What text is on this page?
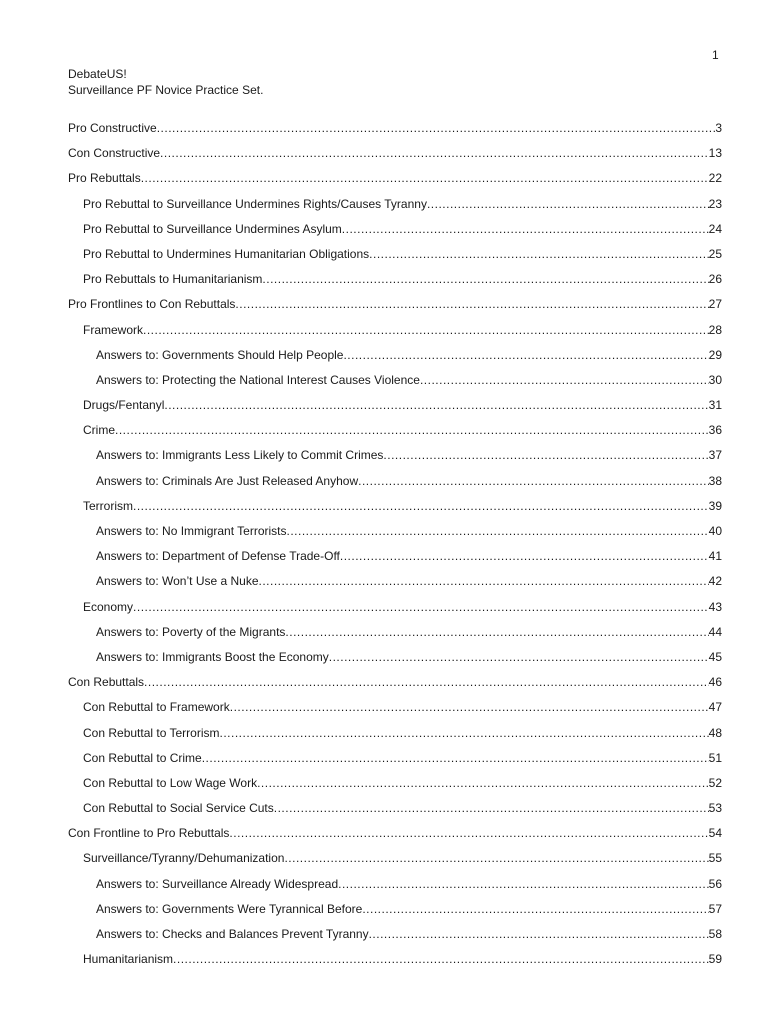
1
DebateUS!
Surveillance PF Novice Practice Set.
Pro Constructive .....	3
Con Constructive .....	13
Pro Rebuttals .....	22
Pro Rebuttal to Surveillance Undermines Rights/Causes Tyranny .....	23
Pro Rebuttal to Surveillance Undermines Asylum .....	24
Pro Rebuttal to Undermines Humanitarian Obligations .....	25
Pro Rebuttals to Humanitarianism .....	26
Pro Frontlines to Con Rebuttals .....	27
Framework .....	28
Answers to: Governments Should Help People .....	29
Answers to: Protecting the National Interest Causes Violence .....	30
Drugs/Fentanyl .....	31
Crime .....	36
Answers to: Immigrants Less Likely to Commit Crimes .....	37
Answers to: Criminals Are Just Released Anyhow .....	38
Terrorism .....	39
Answers to: No Immigrant Terrorists .....	40
Answers to: Department of Defense Trade-Off .....	41
Answers to: Won’t Use a Nuke .....	42
Economy .....	43
Answers to: Poverty of the Migrants .....	44
Answers to: Immigrants Boost the Economy .....	45
Con Rebuttals .....	46
Con Rebuttal to Framework .....	47
Con Rebuttal to Terrorism .....	48
Con Rebuttal to Crime .....	51
Con Rebuttal to Low Wage Work .....	52
Con Rebuttal to Social Service Cuts .....	53
Con Frontline to Pro Rebuttals .....	54
Surveillance/Tyranny/Dehumanization .....	55
Answers to: Surveillance Already Widespread .....	56
Answers to: Governments Were Tyrannical Before .....	57
Answers to: Checks and Balances Prevent Tyranny .....	58
Humanitarianism .....	59
